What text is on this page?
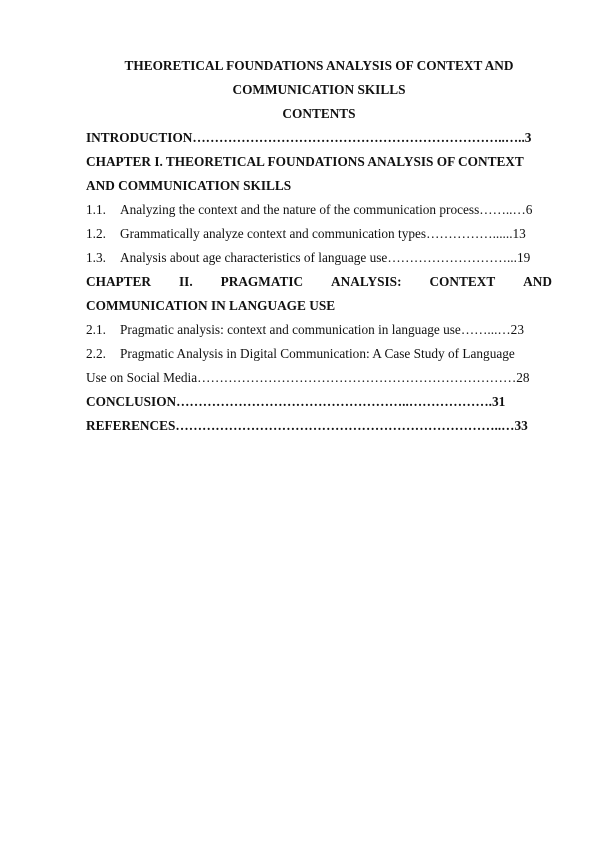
THEORETICAL FOUNDATIONS ANALYSIS OF CONTEXT AND
COMMUNICATION SKILLS
CONTENTS
INTRODUCTION……………………………………………………………..…..3
CHAPTER I. THEORETICAL FOUNDATIONS ANALYSIS OF CONTEXT
AND COMMUNICATION SKILLS
1.1.	Analyzing the context and the nature of the communication process……..…6
1.2.	Grammatically analyze context and communication types……………......13
1.3.	Analysis about age characteristics of language use………………………...19
CHAPTER II. PRAGMATIC ANALYSIS: CONTEXT AND
COMMUNICATION IN LANGUAGE USE
2.1.	Pragmatic analysis: context and communication in language use……...…23
2.2.	Pragmatic Analysis in Digital Communication: A Case Study of Language
Use on Social Media………………………………………………………………28
CONCLUSION……………………………………………..……………….31
REFERENCES………………………………………………………………..…33
